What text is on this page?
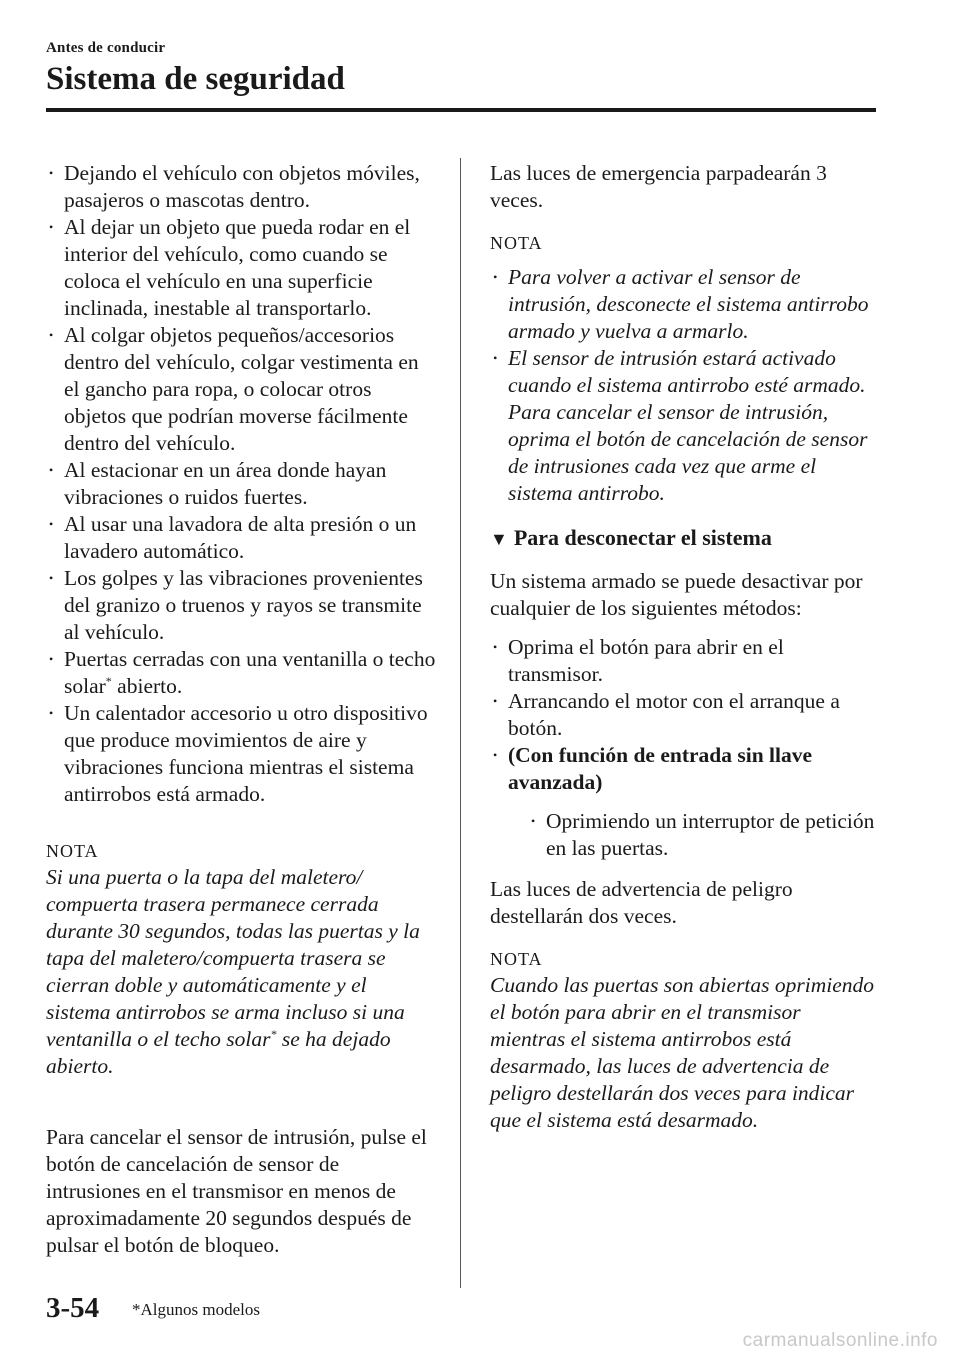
Antes de conducir
Sistema de seguridad
• Dejando el vehículo con objetos móviles, pasajeros o mascotas dentro.
• Al dejar un objeto que pueda rodar en el interior del vehículo, como cuando se coloca el vehículo en una superficie inclinada, inestable al transportarlo.
• Al colgar objetos pequeños/accesorios dentro del vehículo, colgar vestimenta en el gancho para ropa, o colocar otros objetos que podrían moverse fácilmente dentro del vehículo.
• Al estacionar en un área donde hayan vibraciones o ruidos fuertes.
• Al usar una lavadora de alta presión o un lavadero automático.
• Los golpes y las vibraciones provenientes del granizo o truenos y rayos se transmite al vehículo.
• Puertas cerradas con una ventanilla o techo solar* abierto.
• Un calentador accesorio u otro dispositivo que produce movimientos de aire y vibraciones funciona mientras el sistema antirrobos está armado.
NOTA

Si una puerta o la tapa del maletero/ compuerta trasera permanece cerrada durante 30 segundos, todas las puertas y la tapa del maletero/compuerta trasera se cierran doble y automáticamente y el sistema antirrobos se arma incluso si una ventanilla o el techo solar* se ha dejado abierto.

Para cancelar el sensor de intrusión, pulse el botón de cancelación de sensor de intrusiones en el transmisor en menos de aproximadamente 20 segundos después de pulsar el botón de bloqueo.

Las luces de emergencia parpadearán 3 veces.

NOTA
• Para volver a activar el sensor de intrusión, desconecte el sistema antirrobo armado y vuelva a armarlo.
• El sensor de intrusión estará activado cuando el sistema antirrobo esté armado. Para cancelar el sensor de intrusión, oprima el botón de cancelación de sensor de intrusiones cada vez que arme el sistema antirrobo.
▼ Para desconectar el sistema

Un sistema armado se puede desactivar por cualquier de los siguientes métodos:

• Oprima el botón para abrir en el transmisor.
• Arrancando el motor con el arranque a botón.
• (Con función de entrada sin llave avanzada)
• Oprimiendo un interruptor de petición en las puertas.

Las luces de advertencia de peligro destellarán dos veces.

NOTA

Cuando las puertas son abiertas oprimiendo el botón para abrir en el transmisor mientras el sistema antirrobos está desarmado, las luces de advertencia de peligro destellarán dos veces para indicar que el sistema está desarmado.

3-54 *Algunos modelos
carmanualsonline.info
